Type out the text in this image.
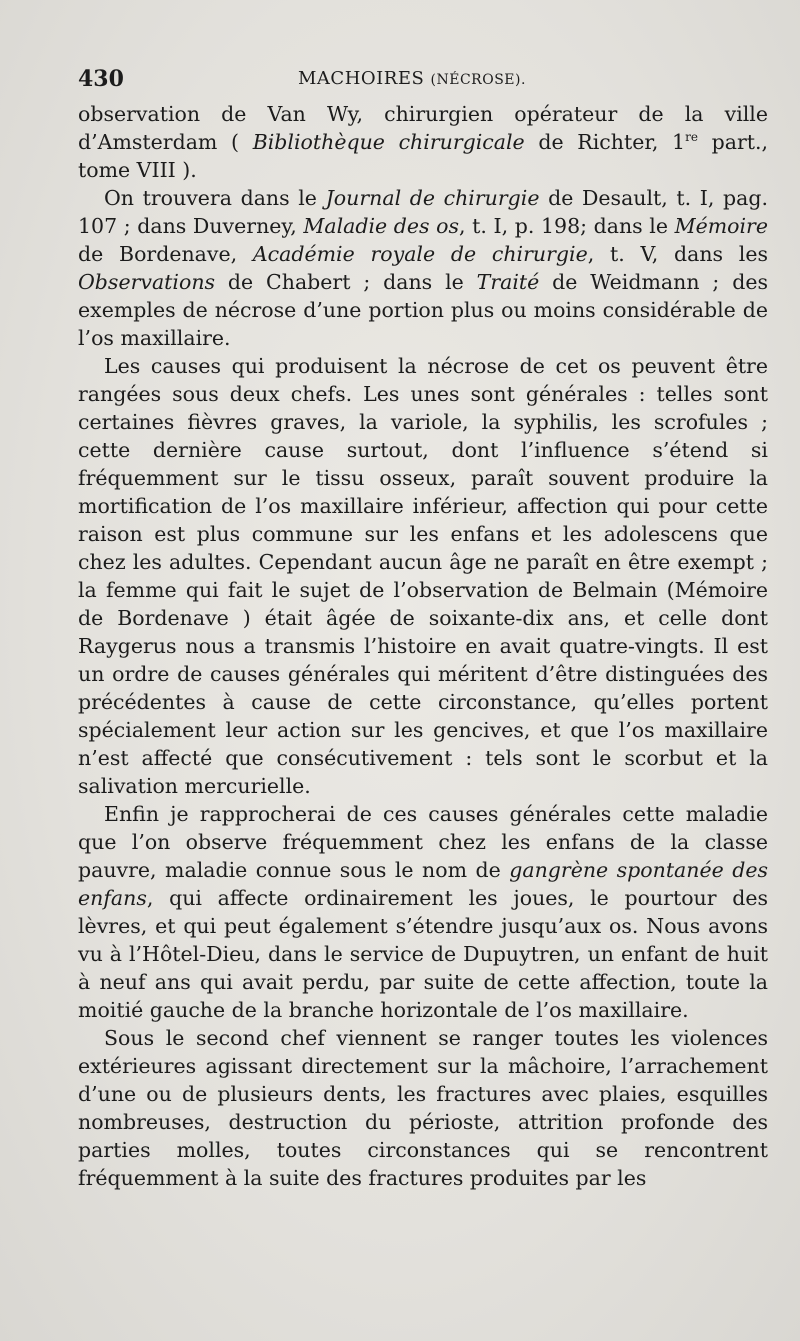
430	MACHOIRES (NÉCROSE).

observation de Van Wy, chirurgien opérateur de la ville d’Amsterdam ( Bibliothèque chirurgicale de Richter, 1re part., tome VIII ).

On trouvera dans le Journal de chirurgie de Desault, t. I, pag. 107 ; dans Duverney, Maladie des os, t. I, p. 198; dans le Mémoire de Bordenave, Académie royale de chirurgie, t. V, dans les Observations de Chabert ; dans le Traité de Weidmann ; des exemples de nécrose d’une portion plus ou moins considérable de l’os maxillaire.

Les causes qui produisent la nécrose de cet os peuvent être rangées sous deux chefs. Les unes sont générales : telles sont certaines fièvres graves, la variole, la syphilis, les scrofules ; cette dernière cause surtout, dont l’influence s’étend si fréquemment sur le tissu osseux, paraît souvent produire la mortification de l’os maxillaire inférieur, affection qui pour cette raison est plus commune sur les enfans et les adolescens que chez les adultes. Cependant aucun âge ne paraît en être exempt ; la femme qui fait le sujet de l’observation de Belmain (Mémoire de Bordenave ) était âgée de soixante-dix ans, et celle dont Raygerus nous a transmis l’histoire en avait quatre-vingts. Il est un ordre de causes générales qui méritent d’être distinguées des précédentes à cause de cette circonstance, qu’elles portent spécialement leur action sur les gencives, et que l’os maxillaire n’est affecté que consécutivement : tels sont le scorbut et la salivation mercurielle.

Enfin je rapprocherai de ces causes générales cette maladie que l’on observe fréquemment chez les enfans de la classe pauvre, maladie connue sous le nom de gangrène spontanée des enfans, qui affecte ordinairement les joues, le pourtour des lèvres, et qui peut également s’étendre jusqu’aux os. Nous avons vu à l’Hôtel-Dieu, dans le service de Dupuytren, un enfant de huit à neuf ans qui avait perdu, par suite de cette affection, toute la moitié gauche de la branche horizontale de l’os maxillaire.

Sous le second chef viennent se ranger toutes les violences extérieures agissant directement sur la mâchoire, l’arrachement d’une ou de plusieurs dents, les fractures avec plaies, esquilles nombreuses, destruction du périoste, attrition profonde des parties molles, toutes circonstances qui se rencontrent fréquemment à la suite des fractures produites par les
